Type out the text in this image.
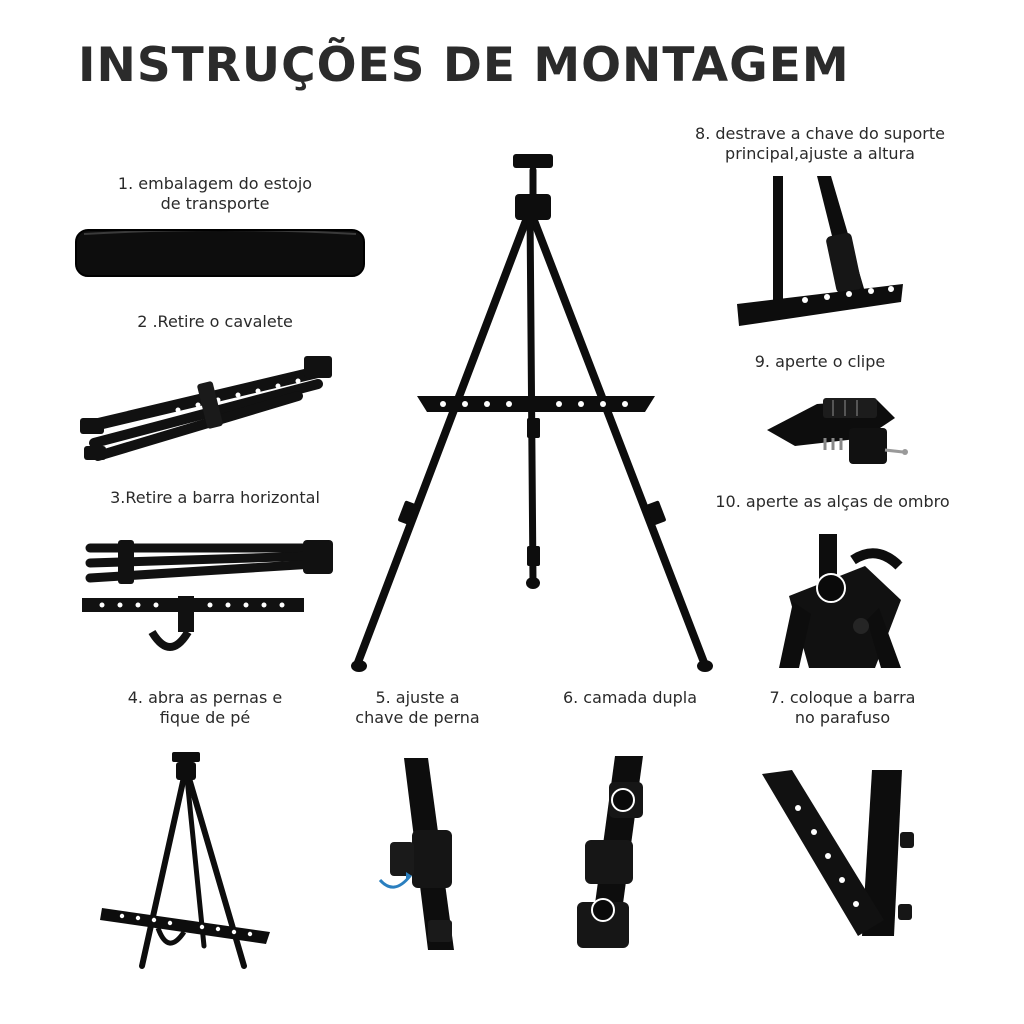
INSTRUÇÕES DE MONTAGEM
1. embalagem do estojo
de transporte
2 .Retire o cavalete
3.Retire a barra horizontal
4. abra as pernas e
fique de pé
5. ajuste a
chave de perna
6. camada dupla	7. coloque a barra
no parafuso
8. destrave a chave do suporte
principal,ajuste a altura
9. aperte o clipe
10. aperte as alças de ombro
